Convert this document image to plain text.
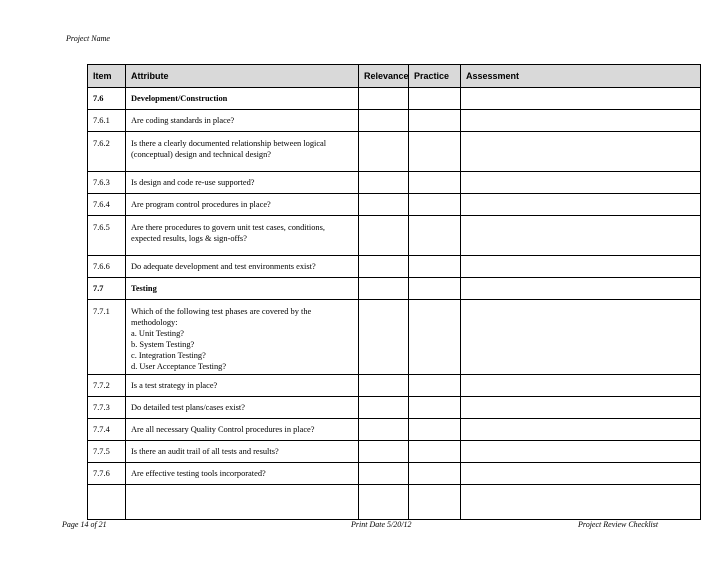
Project Name
Item	Attribute	Relevance	Practice	Assessment
7.6	Development/Construction			
7.6.1	Are coding standards in place?			
7.6.2	Is there a clearly documented relationship between logical (conceptual) design and technical design?			
7.6.3	Is design and code re-use supported?			
7.6.4	Are program control procedures in place?			
7.6.5	Are there procedures to govern unit test cases, conditions, expected results, logs & sign-offs?			
7.6.6	Do adequate development and test environments exist?			
7.7	Testing			
7.7.1	Which of the following test phases are covered by the methodology:
a. Unit Testing?
b. System Testing?
c. Integration Testing?
d. User Acceptance Testing?			

7.7.2	Is a test strategy in place?			
7.7.3	Do detailed test plans/cases exist?			
7.7.4	Are all necessary Quality Control procedures in place?			
7.7.5	Is there an audit trail of all tests and results?			
7.7.6	Are effective testing tools incorporated?			

Page 14 of 21	Print Date 5/20/12	Project Review Checklist
